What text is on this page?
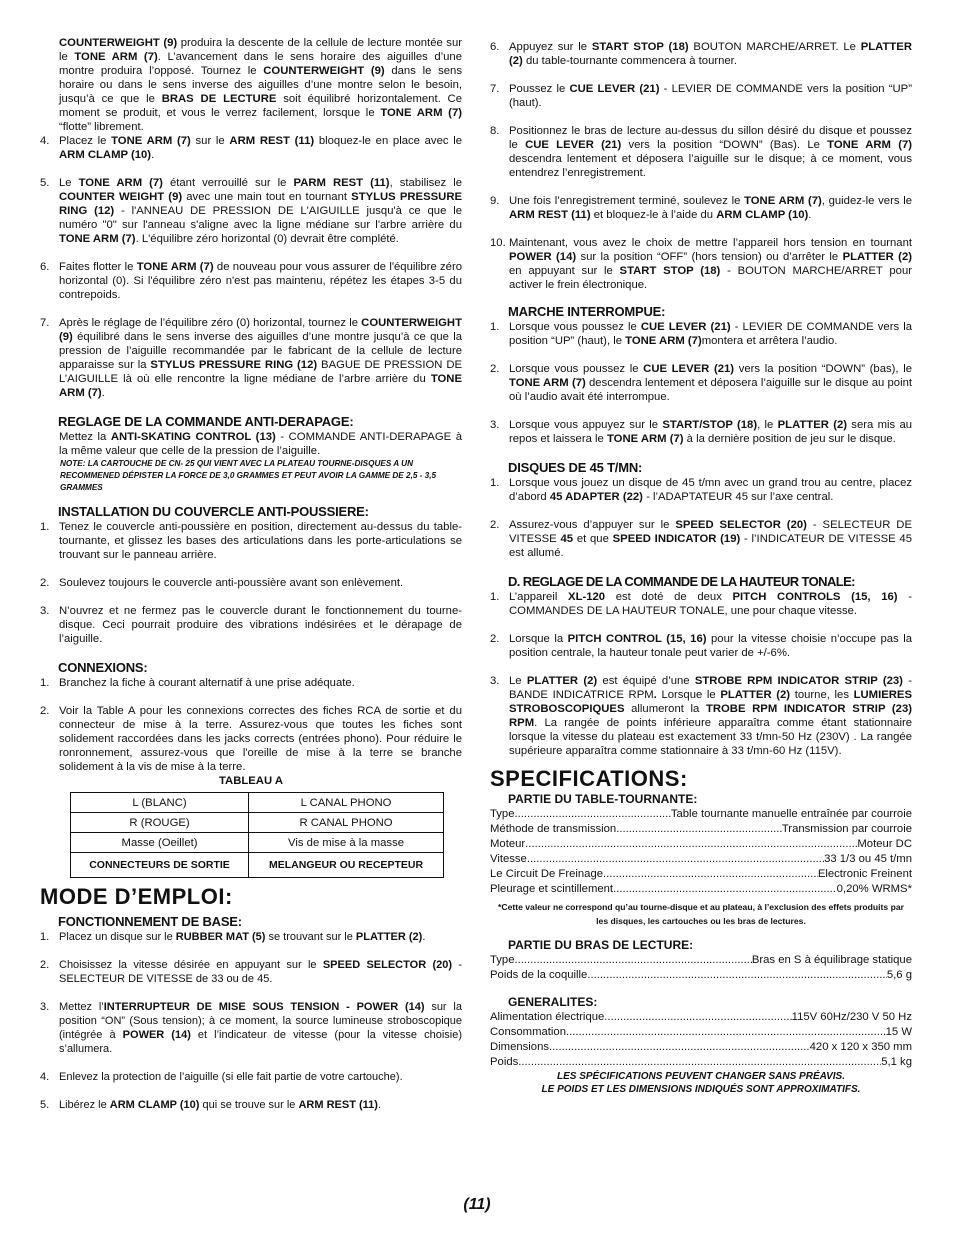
COUNTERWEIGHT (9) produira la descente de la cellule de lecture montée sur le TONE ARM (7). L’avancement dans le sens horaire des aiguilles d’une montre produira l’opposé. Tournez le COUNTERWEIGHT (9) dans le sens horaire ou dans le sens inverse des aiguilles d’une montre selon le besoin, jusqu’à ce que le BRAS DE LECTURE soit équilibré horizontalement. Ce moment se produit, et vous le verrez facilement, lorsque le TONE ARM (7) “flotte” librement.

4. Placez le TONE ARM (7) sur le ARM REST (11) bloquez-le en place avec le ARM CLAMP (10).
5. Le TONE ARM (7) étant verrouillé sur le PARM REST (11), stabilisez le COUNTER WEIGHT (9) avec une main tout en tournant STYLUS PRESSURE RING (12) - l'ANNEAU DE PRESSION DE L'AIGUILLE jusqu'à ce que le numéro "0" sur l'anneau s'aligne avec la ligne médiane sur l'arbre arrière du TONE ARM (7). L'équilibre zéro horizontal (0) devrait être complété.
6. Faites flotter le TONE ARM (7) de nouveau pour vous assurer de l'équilibre zéro horizontal (0). Si l'équilibre zéro n'est pas maintenu, répétez les étapes 3-5 du contrepoids.
7. Après le réglage de l’équilibre zéro (0) horizontal, tournez le COUNTERWEIGHT (9) équilibré dans le sens inverse des aiguilles d’une montre jusqu’à ce que la pression de l’aiguille recommandée par le fabricant de la cellule de lecture apparaisse sur la STYLUS PRESSURE RING (12) BAGUE DE PRESSION DE L’AIGUILLE là où elle rencontre la ligne médiane de l’arbre arrière du TONE ARM (7).
REGLAGE DE LA COMMANDE ANTI-DERAPAGE:

Mettez la ANTI-SKATING CONTROL (13) - COMMANDE ANTI-DERAPAGE à la même valeur que celle de la pression de l’aiguille.

NOTE: LA CARTOUCHE DE CN- 25 QUI VIENT AVEC LA PLATEAU TOURNE-DISQUES A UN RECOMMENED DÉPISTER LA FORCE DE 3,0 GRAMMES ET PEUT AVOIR LA GAMME DE 2,5 - 3,5 GRAMMES
INSTALLATION DU COUVERCLE ANTI-POUSSIERE:
1. Tenez le couvercle anti-poussière en position, directement au-dessus du table-tournante, et glissez les bases des articulations dans les porte-articulations se trouvant sur le panneau arrière.
2. Soulevez toujours le couvercle anti-poussière avant son enlèvement.
3. N’ouvrez et ne fermez pas le couvercle durant le fonctionnement du tourne-disque. Ceci pourrait produire des vibrations indésirées et le dérapage de l’aiguille.
CONNEXIONS:
1. Branchez la fiche à courant alternatif à une prise adéquate.
2. Voir la Table A pour les connexions correctes des fiches RCA de sortie et du connecteur de mise à la terre. Assurez-vous que toutes les fiches sont solidement raccordées dans les jacks corrects (entrées phono). Pour réduire le ronronnement, assurez-vous que l'oreille de mise à la terre se branche solidement à la vis de mise à la terre.
TABLEAU A
L (BLANC)	L CANAL PHONO
R (ROUGE)	R CANAL PHONO
Masse (Oeillet)	Vis de mise à la masse
CONNECTEURS DE SORTIE	MELANGEUR OU RECEPTEUR
MODE D’EMPLOI:
FONCTIONNEMENT DE BASE:
1. Placez un disque sur le RUBBER MAT (5) se trouvant sur le PLATTER (2).
2. Choisissez la vitesse désirée en appuyant sur le SPEED SELECTOR (20) - SELECTEUR DE VITESSE de 33 ou de 45.
3. Mettez l’INTERRUPTEUR DE MISE SOUS TENSION - POWER (14) sur la position “ON” (Sous tension); à ce moment, la source lumineuse stroboscopique (intégrée à POWER (14) et l’indicateur de vitesse (pour la vitesse choisie) s’allumera.
4. Enlevez la protection de l’aiguille (si elle fait partie de votre cartouche).
5. Libérez le ARM CLAMP (10) qui se trouve sur le ARM REST (11).
6. Appuyez sur le START STOP (18) BOUTON MARCHE/ARRET. Le PLATTER (2) du table-tournante commencera à tourner.
7. Poussez le CUE LEVER (21) - LEVIER DE COMMANDE vers la position “UP” (haut).
8. Positionnez le bras de lecture au-dessus du sillon désiré du disque et poussez le CUE LEVER (21) vers la position “DOWN” (Bas). Le TONE ARM (7) descendra lentement et déposera l’aiguille sur le disque; à ce moment, vous entendrez l’enregistrement.
9. Une fois l’enregistrement terminé, soulevez le TONE ARM (7), guidez-le vers le ARM REST (11) et bloquez-le à l’aide du ARM CLAMP (10).
10. Maintenant, vous avez le choix de mettre l’appareil hors tension en tournant POWER (14) sur la position “OFF” (hors tension) ou d’arrêter le PLATTER (2) en appuyant sur le START STOP (18) - BOUTON MARCHE/ARRET pour activer le frein électronique.
MARCHE INTERROMPUE:
1. Lorsque vous poussez le CUE LEVER (21) - LEVIER DE COMMANDE vers la position “UP” (haut), le TONE ARM (7)montera et arrêtera l’audio.
2. Lorsque vous poussez le CUE LEVER (21) vers la position “DOWN” (bas), le TONE ARM (7) descendra lentement et déposera l’aiguille sur le disque au point où l’audio avait été interrompue.
3. Lorsque vous appuyez sur le START/STOP (18), le PLATTER (2) sera mis au repos et laissera le TONE ARM (7) à la dernière position de jeu sur le disque.
DISQUES DE 45 T/MN:
1. Lorsque vous jouez un disque de 45 t/mn avec un grand trou au centre, placez d’abord 45 ADAPTER (22) - l’ADAPTATEUR 45 sur l’axe central.
2. Assurez-vous d’appuyer sur le SPEED SELECTOR (20) - SELECTEUR DE VITESSE 45 et que SPEED INDICATOR (19) - l’INDICATEUR DE VITESSE 45 est allumé.
D. REGLAGE DE LA COMMANDE DE LA HAUTEUR TONALE:
1. L’appareil XL-120 est doté de deux PITCH CONTROLS (15, 16) - COMMANDES DE LA HAUTEUR TONALE, une pour chaque vitesse.
2. Lorsque la PITCH CONTROL (15, 16) pour la vitesse choisie n’occupe pas la position centrale, la hauteur tonale peut varier de +/-6%.
3. Le PLATTER (2) est équipé d’une STROBE RPM INDICATOR STRIP (23) - BANDE INDICATRICE RPM. Lorsque le PLATTER (2) tourne, les LUMIERES STROBOSCOPIQUES allumeront la TROBE RPM INDICATOR STRIP (23) RPM. La rangée de points inférieure apparaîtra comme étant stationnaire lorsque la vitesse du plateau est exactement 33 t/mn-50 Hz (230V) . La rangée supérieure apparaîtra comme stationnaire à 33 t/mn-60 Hz (115V).
SPECIFICATIONS:
PARTIE DU TABLE-TOURNANTE:
Type .....	Table tournante manuelle entraînée par courroie
Méthode de transmission .....	Transmission par courroie
Moteur .....	Moteur DC
Vitesse .....	33 1/3 ou 45 t/mn
Le Circuit De Freinage .....	Electronic Freinent
Pleurage et scintillement .....	0,20% WRMS*
*Cette valeur ne correspond qu’au tourne-disque et au plateau, à l’exclusion des effets produits par les disques, les cartouches ou les bras de lectures.
PARTIE DU BRAS DE LECTURE:
Type .....	Bras en S à équilibrage statique
Poids de la coquille .....	5,6 g
GENERALITES:
Alimentation électrique .....	115V 60Hz/230 V 50 Hz
Consommation .....	15 W
Dimensions .....	420 x 120 x 350 mm
Poids .....	5,1 kg
LES SPÉCIFICATIONS PEUVENT CHANGER SANS PRÉAVIS.
LE POIDS ET LES DIMENSIONS INDIQUÉS SONT APPROXIMATIFS.
(11)
